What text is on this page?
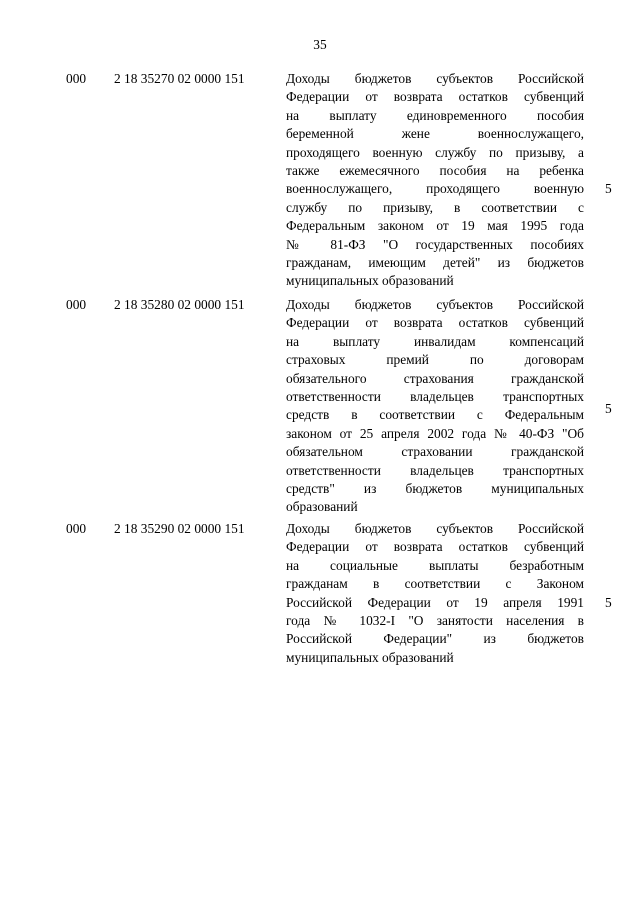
35
000 2 18 35270 02 0000 151	Доходы бюджетов субъектов Российской
Федерации от возврата остатков субвенций
на выплату единовременного пособия
беременной жене военнослужащего,
проходящего военную службу по призыву, а
также ежемесячного пособия на ребенка
военнослужащего, проходящего военную
службу по призыву, в соответствии с
Федеральным законом от 19 мая 1995 года
№ 81-ФЗ "О государственных пособиях
гражданам, имеющим детей" из бюджетов
муниципальных образований
5
000 2 18 35280 02 0000 151	Доходы бюджетов субъектов Российской
Федерации от возврата остатков субвенций
на выплату инвалидам компенсаций
страховых премий по договорам
обязательного страхования гражданской
ответственности владельцев транспортных
средств в соответствии с Федеральным
законом от 25 апреля 2002 года № 40-ФЗ "Об
обязательном страховании гражданской
ответственности владельцев транспортных
средств" из бюджетов муниципальных
образований
5
000 2 18 35290 02 0000 151	Доходы бюджетов субъектов Российской
Федерации от возврата остатков субвенций
на социальные выплаты безработным
гражданам в соответствии с Законом
Российской Федерации от 19 апреля 1991
года № 1032-I "О занятости населения в
Российской Федерации" из бюджетов
муниципальных образований
5
